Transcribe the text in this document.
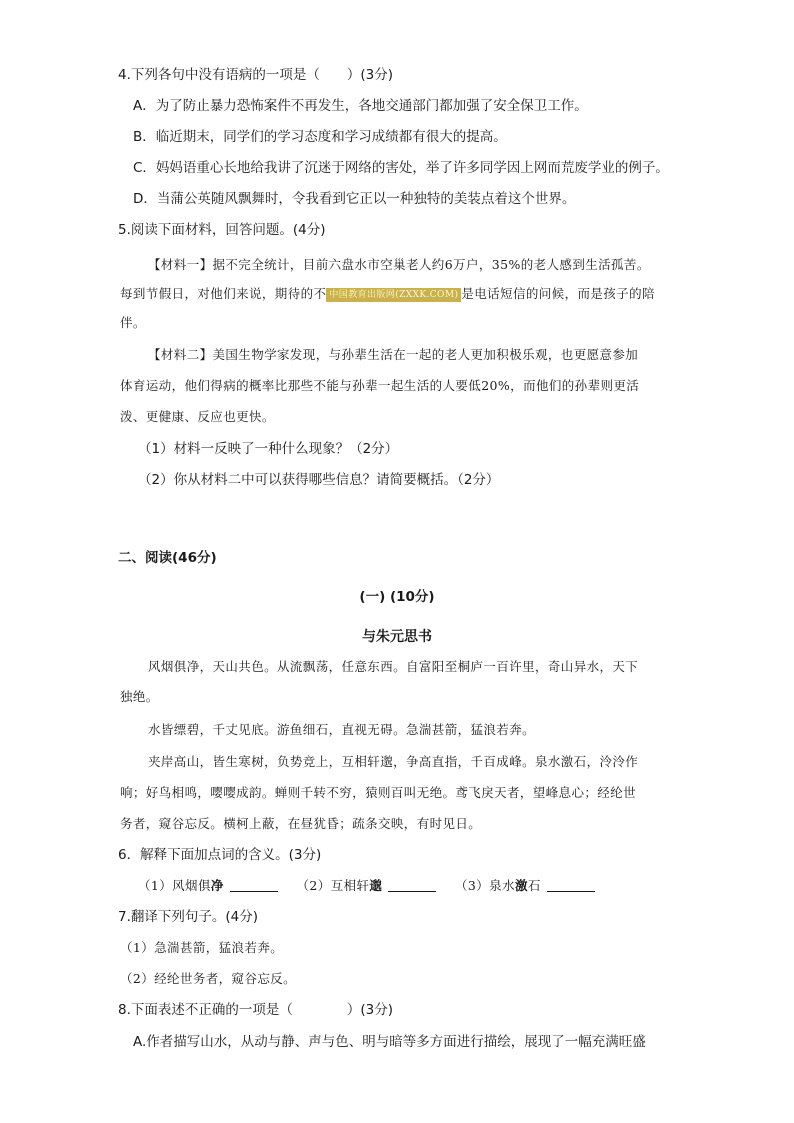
4.下列各句中没有语病的一项是（　　）(3分)
A．为了防止暴力恐怖案件不再发生，各地交通部门都加强了安全保卫工作。
B．临近期末，同学们的学习态度和学习成绩都有很大的提高。
C．妈妈语重心长地给我讲了沉迷于网络的害处，举了许多同学因上网而荒废学业的例子。
D．当蒲公英随风飘舞时，令我看到它正以一种独特的美装点着这个世界。
5.阅读下面材料，回答问题。(4分)
【材料一】据不完全统计，目前六盘水市空巢老人约6万户，35%的老人感到生活孤苦。
每到节假日，对他们来说，期待的不 中国教育出版网(ZXXK.COM) 是电话短信的问候，而是孩子的陪
伴。
【材料二】美国生物学家发现，与孙辈生活在一起的老人更加积极乐观，也更愿意参加
体育运动，他们得病的概率比那些不能与孙辈一起生活的人要低20%，而他们的孙辈则更活
泼、更健康、反应也更快。
（1）材料一反映了一种什么现象？（2分）
（2）你从材料二中可以获得哪些信息？请简要概括。（2分）
二、阅读(46分)
(一) (10分)
与朱元思书
风烟俱净，天山共色。从流飘荡，任意东西。自富阳至桐庐一百许里，奇山异水，天下
独绝。
水皆缥碧，千丈见底。游鱼细石，直视无碍。急湍甚箭，猛浪若奔。
夹岸高山，皆生寒树，负势竞上，互相轩邈，争高直指，千百成峰。泉水激石，泠泠作
响；好鸟相鸣，嘤嘤成韵。蝉则千转不穷，猿则百叫无绝。鸢飞戾天者，望峰息心；经纶世
务者，窥谷忘反。横柯上蔽，在昼犹昏；疏条交映，有时见日。
6．解释下面加点词的含义。(3分)
（1）风烟俱净	（2）互相轩邈	（3）泉水激石
7.翻译下列句子。(4分)
（1）急湍甚箭，猛浪若奔。
（2）经纶世务者，窥谷忘反。
8.下面表述不正确的一项是（　　　　）(3分)
A.作者描写山水，从动与静、声与色、明与暗等多方面进行描绘，展现了一幅充满旺盛
